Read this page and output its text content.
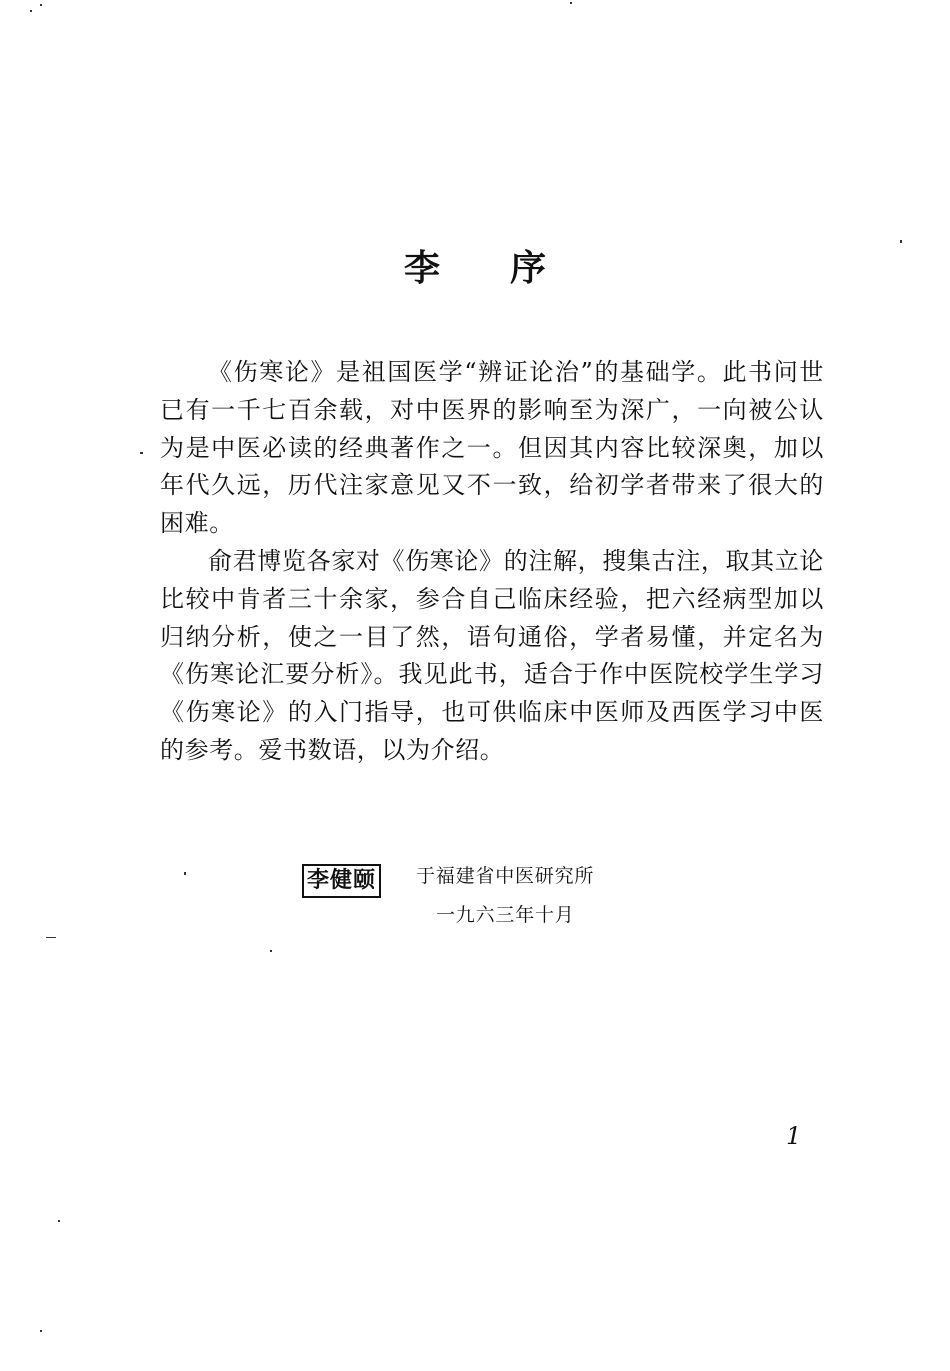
李 序

《伤寒论》是祖国医学“辨证论治”的基础学。此书问世已有一千七百余载，对中医界的影响至为深广，一向被公认为是中医必读的经典著作之一。但因其内容比较深奥，加以年代久远，历代注家意见又不一致，给初学者带来了很大的困难。

俞君博览各家对《伤寒论》的注解，搜集古注，取其立论比较中肯者三十余家，参合自己临床经验，把六经病型加以归纳分析，使之一目了然，语句通俗，学者易懂，并定名为《伤寒论汇要分析》。我见此书，适合于作中医院校学生学习《伤寒论》的入门指导，也可供临床中医师及西医学习中医的参考。爱书数语，以为介绍。

李健颐 于福建省中医研究所
一九六三年十月
1
